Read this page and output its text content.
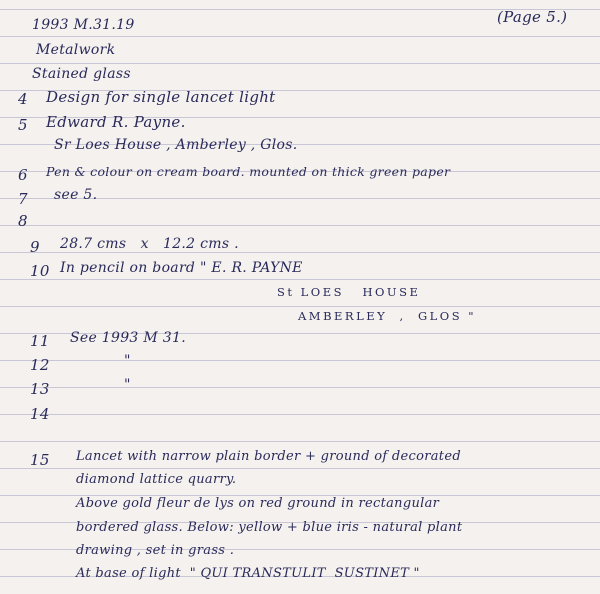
(Page 5.)
1993 M.31.19
Metalwork
Stained glass
4 Design for single lancet light
5 Edward R. Payne.
Sr Loes House , Amberley , Glos.
6 Pen & colour on cream board. mounted on thick green paper
7 see 5.
8
9 28.7 cms   x   12.2 cms .
10 In pencil on board " E. R. PAYNE
St LOES   HOUSE
AMBERLEY  ,  GLOS "
11 See 1993 M 31.
12	"
13	"
14
15 Lancet with narrow plain border + ground of decorated
diamond lattice quarry.
Above gold fleur de lys on red ground in rectangular
bordered glass. Below: yellow + blue iris - natural plant
drawing , set in grass .
At base of light  " QUI TRANSTULIT  SUSTINET "
